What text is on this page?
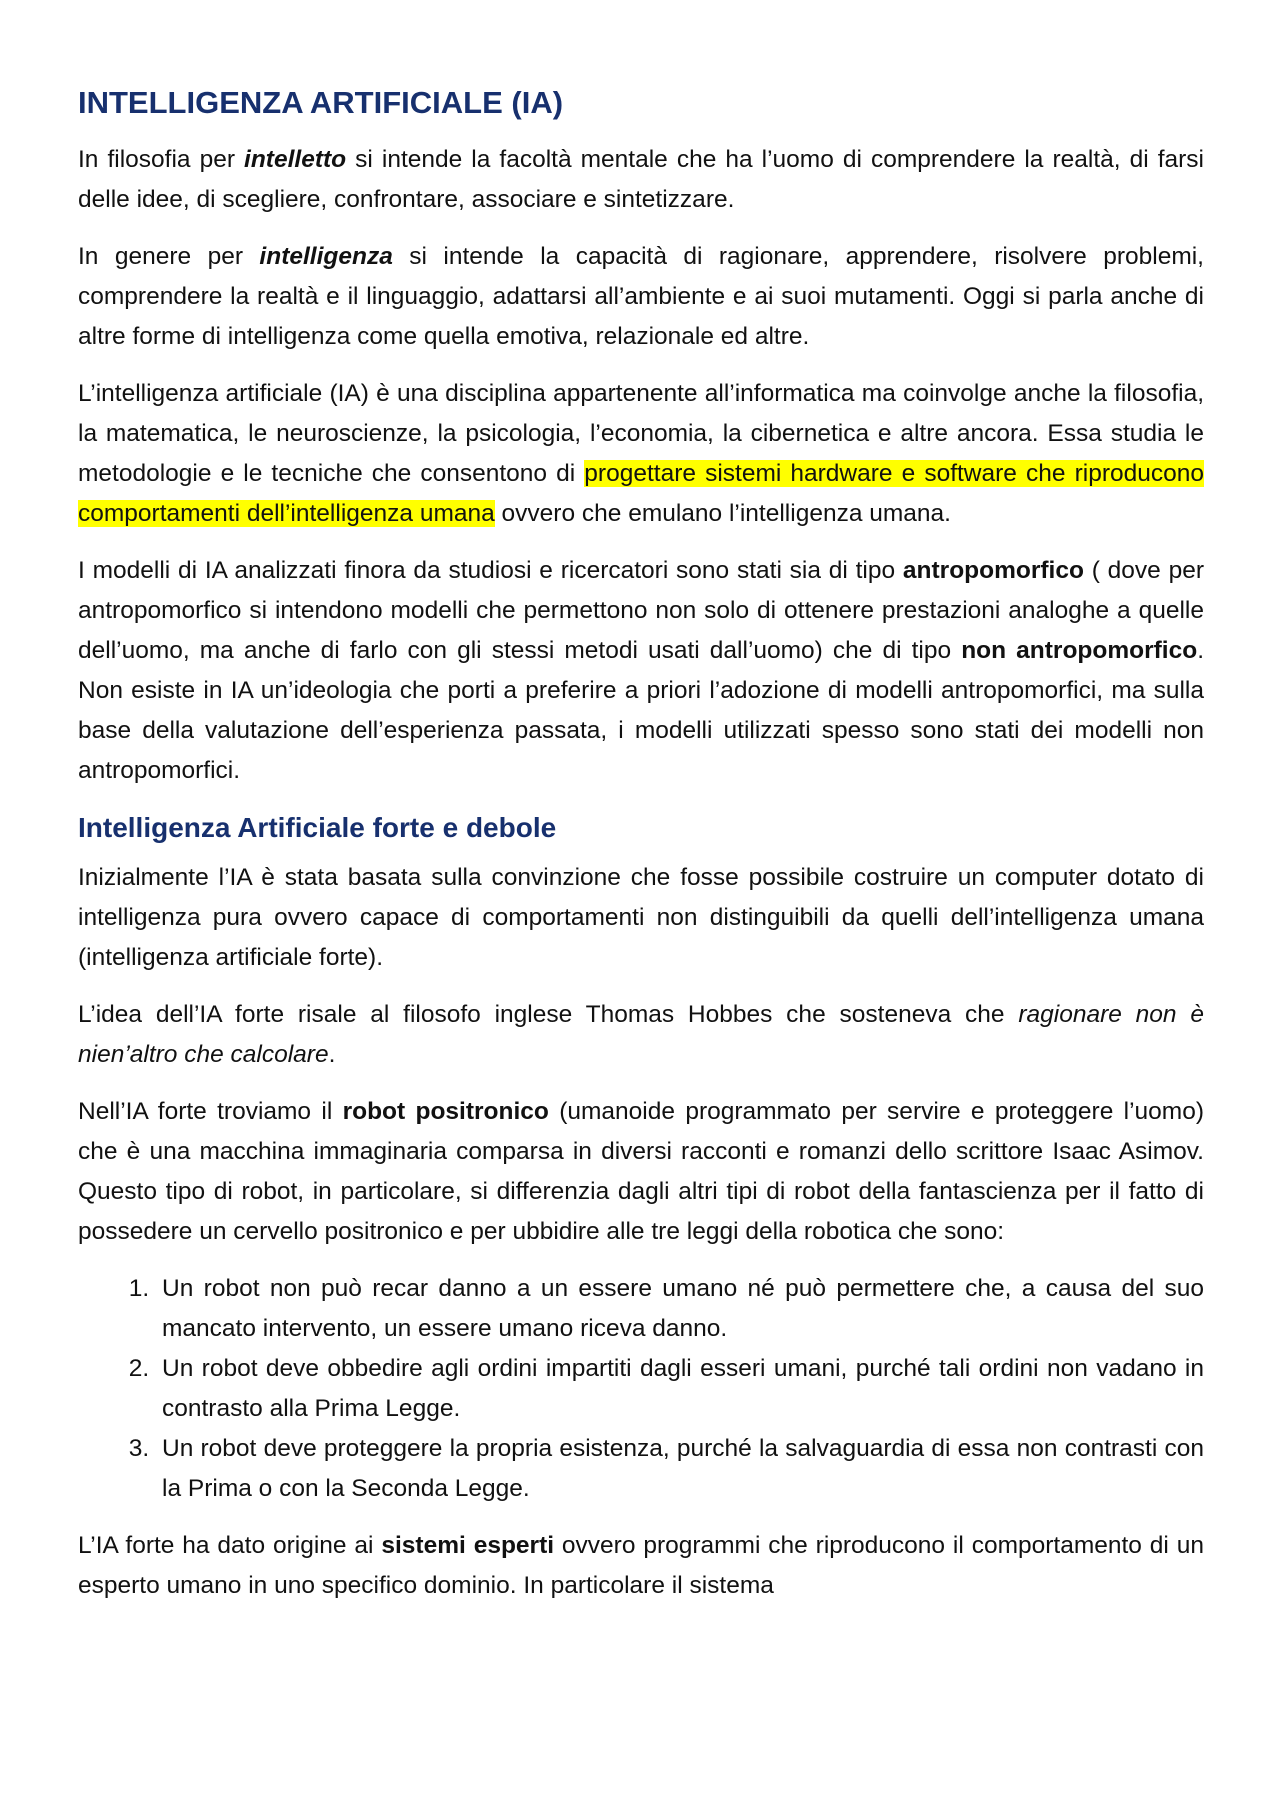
INTELLIGENZA ARTIFICIALE (IA)

In filosofia per intelletto si intende la facoltà mentale che ha l’uomo di comprendere la realtà, di farsi delle idee, di scegliere, confrontare, associare e sintetizzare.

In genere per intelligenza si intende la capacità di ragionare, apprendere, risolvere problemi, comprendere la realtà e il linguaggio, adattarsi all’ambiente e ai suoi mutamenti. Oggi si parla anche di altre forme di intelligenza come quella emotiva, relazionale ed altre.

L’intelligenza artificiale (IA) è una disciplina appartenente all’informatica ma coinvolge anche la filosofia, la matematica, le neuroscienze, la psicologia, l’economia, la cibernetica e altre ancora. Essa studia le metodologie e le tecniche che consentono di progettare sistemi hardware e software che riproducono comportamenti dell’intelligenza umana ovvero che emulano l’intelligenza umana.

I modelli di IA analizzati finora da studiosi e ricercatori sono stati sia di tipo antropomorfico ( dove per antropomorfico si intendono modelli che permettono non solo di ottenere prestazioni analoghe a quelle dell’uomo, ma anche di farlo con gli stessi metodi usati dall’uomo) che di tipo non antropomorfico. Non esiste in IA un’ideologia che porti a preferire a priori l’adozione di modelli antropomorfici, ma sulla base della valutazione dell’esperienza passata, i modelli utilizzati spesso sono stati dei modelli non antropomorfici.

Intelligenza Artificiale forte e debole

Inizialmente l’IA è stata basata sulla convinzione che fosse possibile costruire un computer dotato di intelligenza pura ovvero capace di comportamenti non distinguibili da quelli dell’intelligenza umana (intelligenza artificiale forte).

L’idea dell’IA forte risale al filosofo inglese Thomas Hobbes che sosteneva che ragionare non è nien’altro che calcolare.

Nell’IA forte troviamo il robot positronico (umanoide programmato per servire e proteggere l’uomo) che è una macchina immaginaria comparsa in diversi racconti e romanzi dello scrittore Isaac Asimov. Questo tipo di robot, in particolare, si differenzia dagli altri tipi di robot della fantascienza per il fatto di possedere un cervello positronico e per ubbidire alle tre leggi della robotica che sono:

1. Un robot non può recar danno a un essere umano né può permettere che, a causa del suo mancato intervento, un essere umano riceva danno.
2. Un robot deve obbedire agli ordini impartiti dagli esseri umani, purché tali ordini non vadano in contrasto alla Prima Legge.
3. Un robot deve proteggere la propria esistenza, purché la salvaguardia di essa non contrasti con la Prima o con la Seconda Legge.

L’IA forte ha dato origine ai sistemi esperti ovvero programmi che riproducono il comportamento di un esperto umano in uno specifico dominio. In particolare il sistema
